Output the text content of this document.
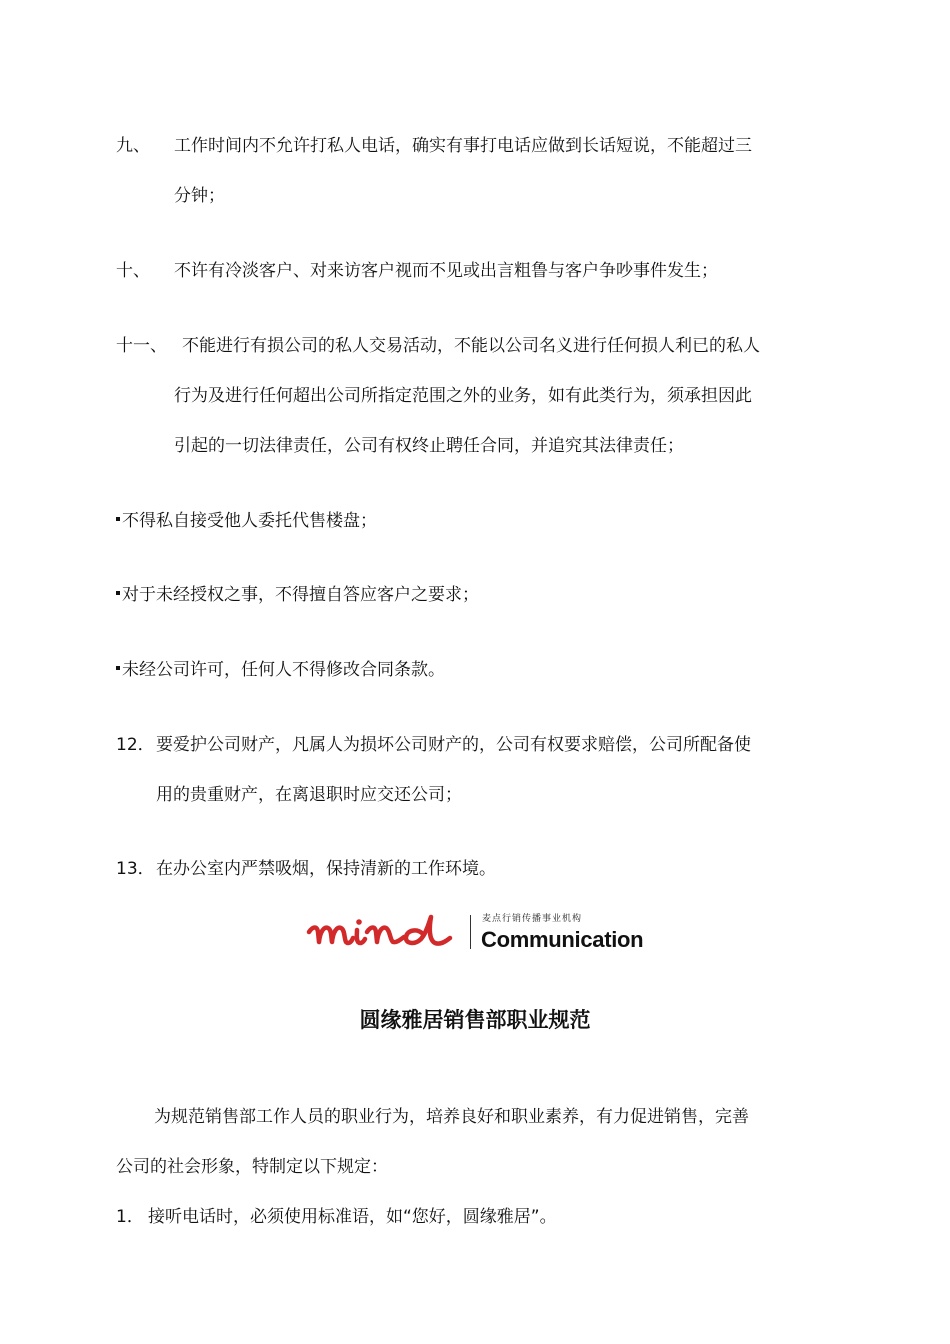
九、 工作时间内不允许打私人电话，确实有事打电话应做到长话短说，不能超过三
分钟；
十、 不许有冷淡客户、对来访客户视而不见或出言粗鲁与客户争吵事件发生；
十一、 不能进行有损公司的私人交易活动，不能以公司名义进行任何损人利已的私人
行为及进行任何超出公司所指定范围之外的业务，如有此类行为，须承担因此
引起的一切法律责任，公司有权终止聘任合同，并追究其法律责任；
不得私自接受他人委托代售楼盘；
对于未经授权之事，不得擅自答应客户之要求；
未经公司许可，任何人不得修改合同条款。
12． 要爱护公司财产，凡属人为损坏公司财产的，公司有权要求赔偿，公司所配备使
用的贵重财产，在离退职时应交还公司；
13． 在办公室内严禁吸烟，保持清新的工作环境。
麦点行销传播事业机构
Communication
圆缘雅居销售部职业规范
为规范销售部工作人员的职业行为，培养良好和职业素养，有力促进销售，完善
公司的社会形象，特制定以下规定：
1． 接听电话时，必须使用标准语，如“您好，圆缘雅居”。
